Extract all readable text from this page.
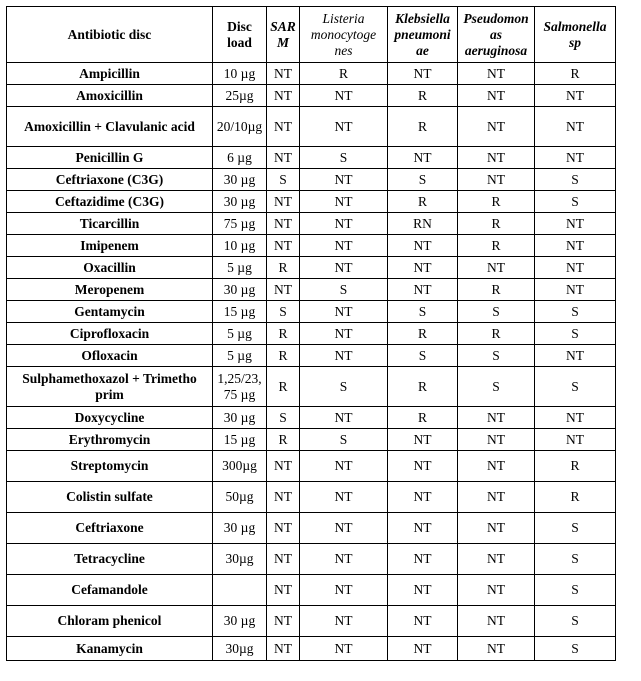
Antibiotic disc	Disc load	SAR M	Listeria monocytoge nes	Klebsiella pneumoni ae	Pseudomon as aeruginosa	Salmonella sp
Ampicillin	10 µg	NT	R	NT	NT	R
Amoxicillin	25µg	NT	NT	R	NT	NT
Amoxicillin + Clavulanic acid	20/10µg	NT	NT	R	NT	NT
Penicillin G	6 µg	NT	S	NT	NT	NT
Ceftriaxone (C3G)	30 µg	S	NT	S	NT	S
Ceftazidime (C3G)	30 µg	NT	NT	R	R	S
Ticarcillin	75 µg	NT	NT	RN	R	NT
Imipenem	10 µg	NT	NT	NT	R	NT
Oxacillin	5 µg	R	NT	NT	NT	NT
Meropenem	30 µg	NT	S	NT	R	NT
Gentamycin	15 µg	S	NT	S	S	S
Ciprofloxacin	5 µg	R	NT	R	R	S
Ofloxacin	5 µg	R	NT	S	S	NT
Sulphamethoxazol + Trimetho prim	1,25/23, 75 µg	R	S	R	S	S
Doxycycline	30 µg	S	NT	R	NT	NT
Erythromycin	15 µg	R	S	NT	NT	NT
Streptomycin	300µg	NT	NT	NT	NT	R
Colistin sulfate	50µg	NT	NT	NT	NT	R
Ceftriaxone	30 µg	NT	NT	NT	NT	S
Tetracycline	30µg	NT	NT	NT	NT	S
Cefamandole		NT	NT	NT	NT	S
Chloram phenicol	30 µg	NT	NT	NT	NT	S
Kanamycin	30µg	NT	NT	NT	NT	S
